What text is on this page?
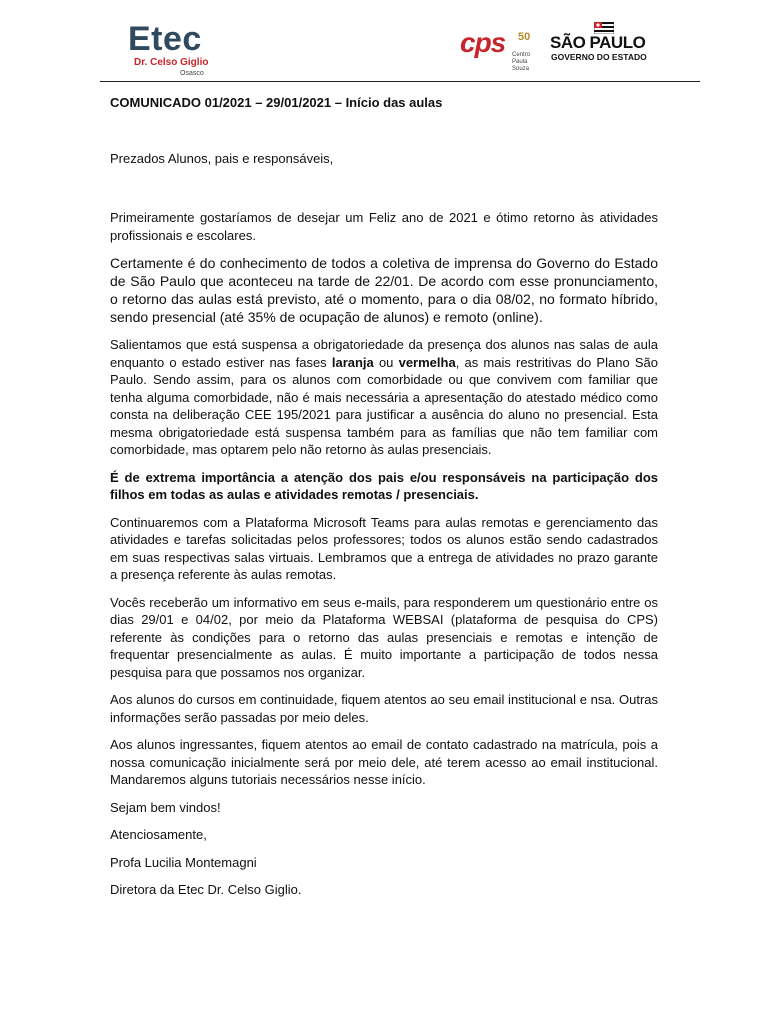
Etec
Dr. Celso Giglio
Osasco
cps 50
Centro Paula Souza
SÃO PAULO
GOVERNO DO ESTADO

COMUNICADO 01/2021 – 29/01/2021 – Início das aulas

Prezados Alunos, pais e responsáveis,

Primeiramente gostaríamos de desejar um Feliz ano de 2021 e ótimo retorno às atividades profissionais e escolares.

Certamente é do conhecimento de todos a coletiva de imprensa do Governo do Estado de São Paulo que aconteceu na tarde de 22/01. De acordo com esse pronunciamento, o retorno das aulas está previsto, até o momento, para o dia 08/02, no formato híbrido, sendo presencial (até 35% de ocupação de alunos) e remoto (online).

Salientamos que está suspensa a obrigatoriedade da presença dos alunos nas salas de aula enquanto o estado estiver nas fases laranja ou vermelha, as mais restritivas do Plano São Paulo. Sendo assim, para os alunos com comorbidade ou que convivem com familiar que tenha alguma comorbidade, não é mais necessária a apresentação do atestado médico como consta na deliberação CEE 195/2021 para justificar a ausência do aluno no presencial. Esta mesma obrigatoriedade está suspensa também para as famílias que não tem familiar com comorbidade, mas optarem pelo não retorno às aulas presenciais.

É de extrema importância a atenção dos pais e/ou responsáveis na participação dos filhos em todas as aulas e atividades remotas / presenciais.

Continuaremos com a Plataforma Microsoft Teams para aulas remotas e gerenciamento das atividades e tarefas solicitadas pelos professores; todos os alunos estão sendo cadastrados em suas respectivas salas virtuais. Lembramos que a entrega de atividades no prazo garante a presença referente às aulas remotas.

Vocês receberão um informativo em seus e-mails, para responderem um questionário entre os dias 29/01 e 04/02, por meio da Plataforma WEBSAI (plataforma de pesquisa do CPS) referente às condições para o retorno das aulas presenciais e remotas e intenção de frequentar presencialmente as aulas. É muito importante a participação de todos nessa pesquisa para que possamos nos organizar.

Aos alunos do cursos em continuidade, fiquem atentos ao seu email institucional e nsa. Outras informações serão passadas por meio deles.

Aos alunos ingressantes, fiquem atentos ao email de contato cadastrado na matrícula, pois a nossa comunicação inicialmente será por meio dele, até terem acesso ao email institucional. Mandaremos alguns tutoriais necessários nesse início.

Sejam bem vindos!

Atenciosamente,

Profa Lucilia Montemagni

Diretora da Etec Dr. Celso Giglio.
